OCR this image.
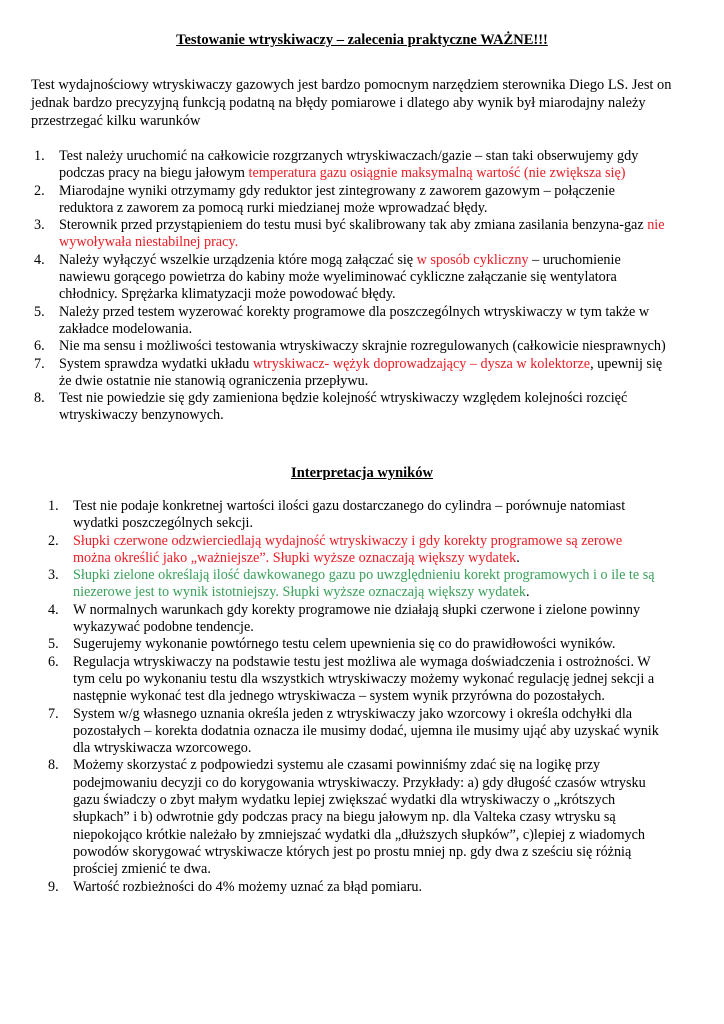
Testowanie wtryskiwaczy – zalecenia praktyczne WAŻNE!!!

Test wydajnościowy wtryskiwaczy gazowych jest bardzo pomocnym narzędziem sterownika Diego LS. Jest on jednak bardzo precyzyjną funkcją podatną na błędy pomiarowe i dlatego aby wynik był miarodajny należy przestrzegać kilku warunków

1. Test należy uruchomić na całkowicie rozgrzanych wtryskiwaczach/gazie – stan taki obserwujemy gdy podczas pracy na biegu jałowym temperatura gazu osiągnie maksymalną wartość (nie zwiększa się)
2. Miarodajne wyniki otrzymamy gdy reduktor jest zintegrowany z zaworem gazowym – połączenie reduktora z zaworem za pomocą rurki miedzianej może wprowadzać błędy.
3. Sterownik przed przystąpieniem do testu musi być skalibrowany tak aby zmiana zasilania benzyna-gaz nie wywoływała niestabilnej pracy.
4. Należy wyłączyć wszelkie urządzenia które mogą załączać się w sposób cykliczny – uruchomienie nawiewu gorącego powietrza do kabiny może wyeliminować cykliczne załączanie się wentylatora chłodnicy. Sprężarka klimatyzacji może powodować błędy.
5. Należy przed testem wyzerować korekty programowe dla poszczególnych wtryskiwaczy w tym także w zakładce modelowania.
6. Nie ma sensu i możliwości testowania wtryskiwaczy skrajnie rozregulowanych (całkowicie niesprawnych)
7. System sprawdza wydatki układu wtryskiwacz- wężyk doprowadzający – dysza w kolektorze, upewnij się że dwie ostatnie nie stanowią ograniczenia przepływu.
8. Test nie powiedzie się gdy zamieniona będzie kolejność wtryskiwaczy względem kolejności rozcięć wtryskiwaczy benzynowych.
Interpretacja wyników
1. Test nie podaje konkretnej wartości ilości gazu dostarczanego do cylindra – porównuje natomiast wydatki poszczególnych sekcji.
2. Słupki czerwone odzwierciedlają wydajność wtryskiwaczy i gdy korekty programowe są zerowe można określić jako „ważniejsze”. Słupki wyższe oznaczają większy wydatek.
3. Słupki zielone określają ilość dawkowanego gazu po uwzględnieniu korekt programowych i o ile te są niezerowe jest to wynik istotniejszy. Słupki wyższe oznaczają większy wydatek.
4. W normalnych warunkach gdy korekty programowe nie działają słupki czerwone i zielone powinny wykazywać podobne tendencje.
5. Sugerujemy wykonanie powtórnego testu celem upewnienia się co do prawidłowości wyników.
6. Regulacja wtryskiwaczy na podstawie testu jest możliwa ale wymaga doświadczenia i ostrożności. W tym celu po wykonaniu testu dla wszystkich wtryskiwaczy możemy wykonać regulację jednej sekcji a następnie wykonać test dla jednego wtryskiwacza – system wynik przyrówna do pozostałych.
7. System w/g własnego uznania określa jeden z wtryskiwaczy jako wzorcowy i określa odchyłki dla pozostałych – korekta dodatnia oznacza ile musimy dodać, ujemna ile musimy ująć aby uzyskać wynik dla wtryskiwacza wzorcowego.
8. Możemy skorzystać z podpowiedzi systemu ale czasami powinniśmy zdać się na logikę przy podejmowaniu decyzji co do korygowania wtryskiwaczy. Przykłady: a) gdy długość czasów wtrysku gazu świadczy o zbyt małym wydatku lepiej zwiększać wydatki dla wtryskiwaczy o „krótszych słupkach” i b) odwrotnie gdy podczas pracy na biegu jałowym np. dla Valteka czasy wtrysku są niepokojąco krótkie należało by zmniejszać wydatki dla „dłuższych słupków”, c)lepiej z wiadomych powodów skorygować wtryskiwacze których jest po prostu mniej np. gdy dwa z sześciu się różnią prościej zmienić te dwa.
9. Wartość rozbieżności do 4% możemy uznać za błąd pomiaru.
